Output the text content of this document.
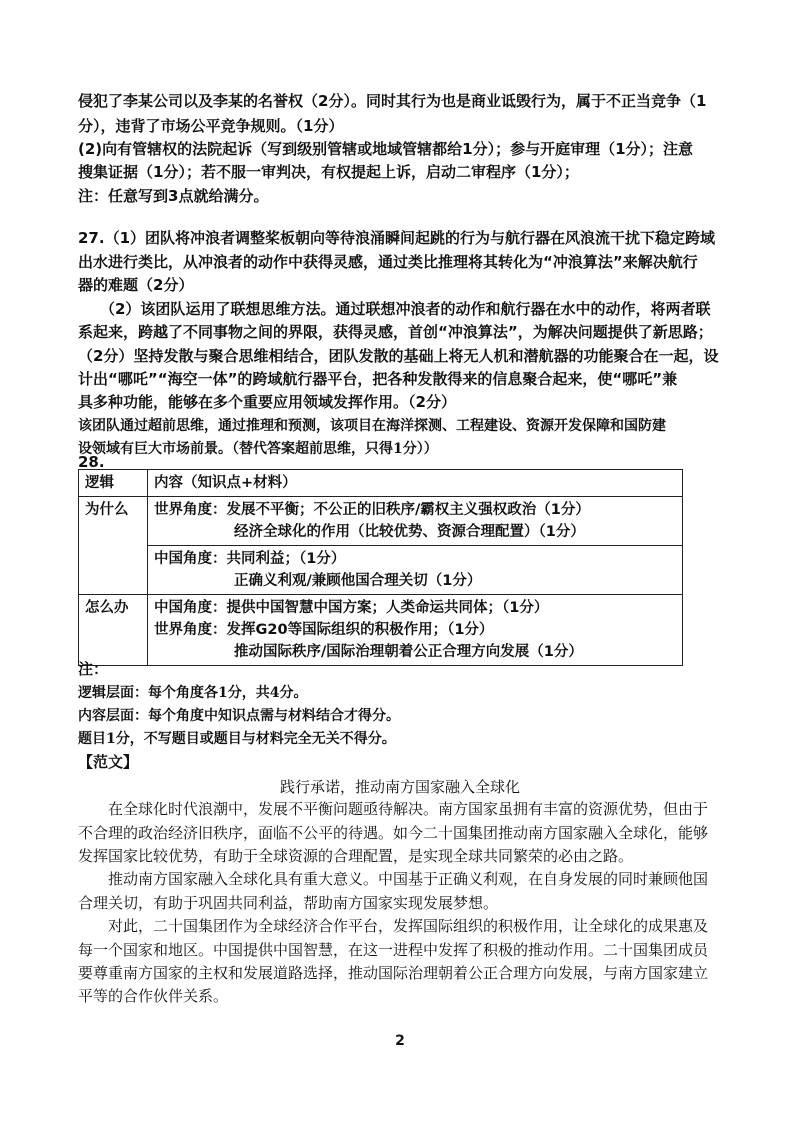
侵犯了李某公司以及李某的名誉权（2分）。同时其行为也是商业诋毁行为，属于不正当竞争（1
分），违背了市场公平竞争规则。（1分）
(2)向有管辖权的法院起诉（写到级别管辖或地域管辖都给1分）；参与开庭审理（1分）；注意
搜集证据（1分）；若不服一审判决，有权提起上诉，启动二审程序（1分）；
注：任意写到3点就给满分。
27.（1）团队将冲浪者调整桨板朝向等待浪涌瞬间起跳的行为与航行器在风浪流干扰下稳定跨域
出水进行类比，从冲浪者的动作中获得灵感，通过类比推理将其转化为“冲浪算法”来解决航行
器的难题（2分）
（2）该团队运用了联想思维方法。通过联想冲浪者的动作和航行器在水中的动作，将两者联
系起来，跨越了不同事物之间的界限，获得灵感，首创“冲浪算法”，为解决问题提供了新思路；
（2分）坚持发散与聚合思维相结合，团队发散的基础上将无人机和潜航器的功能聚合在一起，设
计出“哪吒”“海空一体”的跨域航行器平台，把各种发散得来的信息聚合起来，使“哪吒”兼
具多种功能，能够在多个重要应用领域发挥作用。（2分）
该团队通过超前思维，通过推理和预测，该项目在海洋探测、工程建设、资源开发保障和国防建
设领域有巨大市场前景。（替代答案超前思维，只得1分））
28.
逻辑	内容（知识点+材料）
为什么	世界角度：发展不平衡；不公正的旧秩序/霸权主义强权政治（1分）
经济全球化的作用（比较优势、资源合理配置）（1分）

	中国角度：共同利益；（1分）
正确义利观/兼顾他国合理关切（1分）

怎么办	中国角度：提供中国智慧中国方案；人类命运共同体；（1分）
世界角度：发挥G20等国际组织的积极作用；（1分）
推动国际秩序/国际治理朝着公正合理方向发展（1分）
注：
逻辑层面：每个角度各1分，共4分。
内容层面：每个角度中知识点需与材料结合才得分。
题目1分，不写题目或题目与材料完全无关不得分。
【范文】
践行承诺，推动南方国家融入全球化
在全球化时代浪潮中，发展不平衡问题亟待解决。南方国家虽拥有丰富的资源优势，但由于
不合理的政治经济旧秩序，面临不公平的待遇。如今二十国集团推动南方国家融入全球化，能够
发挥国家比较优势，有助于全球资源的合理配置，是实现全球共同繁荣的必由之路。
推动南方国家融入全球化具有重大意义。中国基于正确义利观，在自身发展的同时兼顾他国
合理关切，有助于巩固共同利益，帮助南方国家实现发展梦想。
对此，二十国集团作为全球经济合作平台，发挥国际组织的积极作用，让全球化的成果惠及
每一个国家和地区。中国提供中国智慧，在这一进程中发挥了积极的推动作用。二十国集团成员
要尊重南方国家的主权和发展道路选择，推动国际治理朝着公正合理方向发展，与南方国家建立
平等的合作伙伴关系。
2
